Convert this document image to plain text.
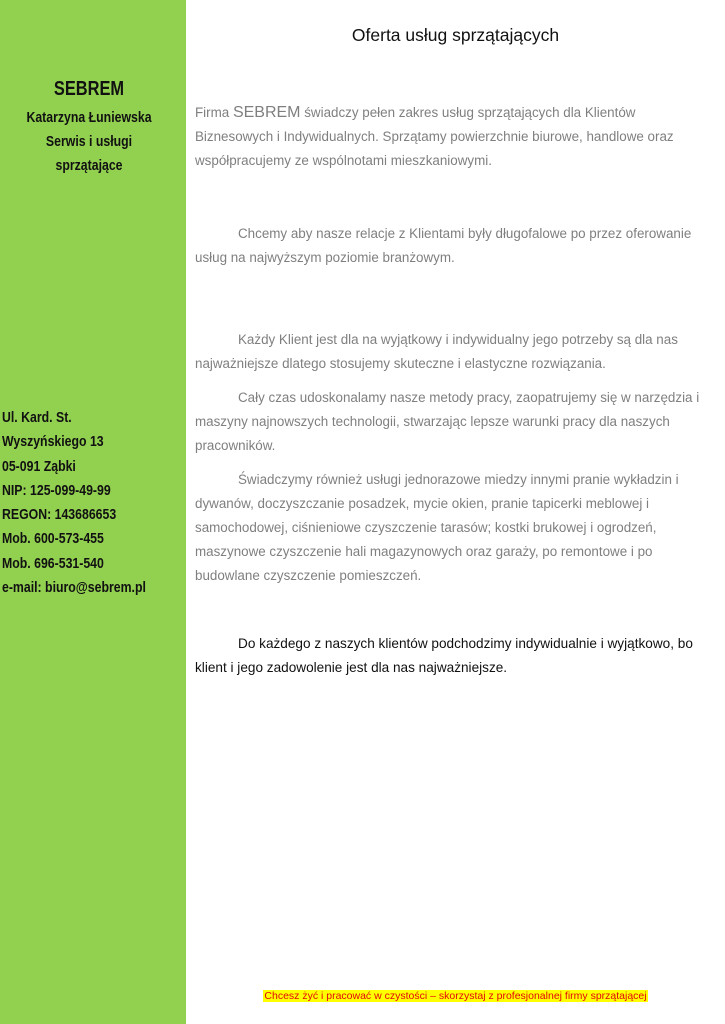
SEBREM
Katarzyna Łuniewska
Serwis i usługi
sprzątające
Ul. Kard. St.
Wyszyńskiego 13
05-091 Ząbki
NIP: 125-099-49-99
REGON: 143686653
Mob. 600-573-455
Mob. 696-531-540
e-mail: biuro@sebrem.pl
Oferta usług sprzątających

Firma SEBREM świadczy pełen zakres usług sprzątających dla Klientów Biznesowych i Indywidualnych. Sprzątamy powierzchnie biurowe, handlowe oraz współpracujemy ze wspólnotami mieszkaniowymi.

Chcemy aby nasze relacje z Klientami były długofalowe po przez oferowanie usług na najwyższym poziomie branżowym.

Każdy Klient jest dla na wyjątkowy i indywidualny jego potrzeby są dla nas najważniejsze dlatego stosujemy skuteczne i elastyczne rozwiązania.

Cały czas udoskonalamy nasze metody pracy, zaopatrujemy się w narzędzia i maszyny najnowszych technologii, stwarzając lepsze warunki pracy dla naszych pracowników.

Świadczymy również usługi jednorazowe miedzy innymi pranie wykładzin i dywanów, doczyszczanie posadzek, mycie okien, pranie tapicerki meblowej i samochodowej, ciśnieniowe czyszczenie tarasów; kostki brukowej i ogrodzeń, maszynowe czyszczenie hali magazynowych oraz garaży, po remontowe i po budowlane czyszczenie pomieszczeń.

Do każdego z naszych klientów podchodzimy indywidualnie i wyjątkowo, bo klient i jego zadowolenie jest dla nas najważniejsze.

Chcesz żyć i pracować w czystości – skorzystaj z profesjonalnej firmy sprzątającej
